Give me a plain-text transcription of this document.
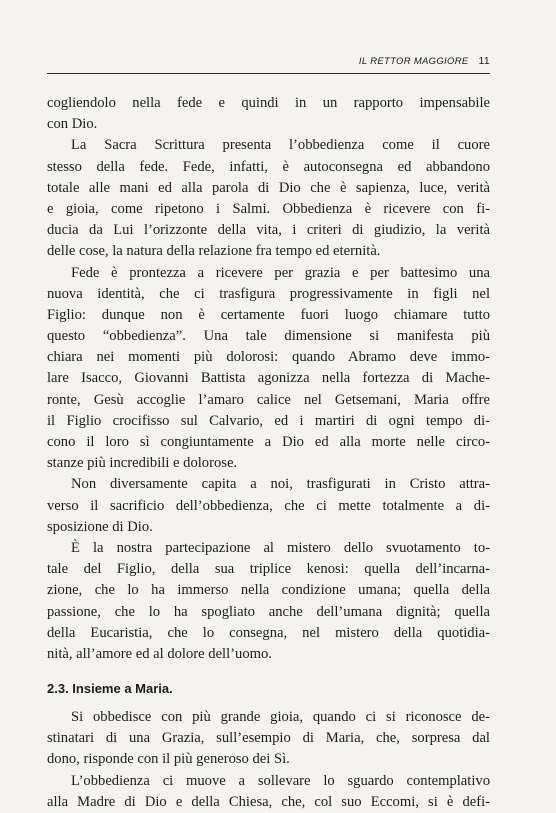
IL RETTOR MAGGIORE 11
cogliendolo nella fede e quindi in un rapporto impensabile
con Dio.
La Sacra Scrittura presenta l’obbedienza come il cuore
stesso della fede. Fede, infatti, è autoconsegna ed abbandono
totale alle mani ed alla parola di Dio che è sapienza, luce, verità
e gioia, come ripetono i Salmi. Obbedienza è ricevere con fi-
ducia da Lui l’orizzonte della vita, i criteri di giudizio, la verità
delle cose, la natura della relazione fra tempo ed eternità.
Fede è prontezza a ricevere per grazia e per battesimo una
nuova identità, che ci trasfigura progressivamente in figli nel
Figlio: dunque non è certamente fuori luogo chiamare tutto
questo “obbedienza”. Una tale dimensione si manifesta più
chiara nei momenti più dolorosi: quando Abramo deve immo-
lare Isacco, Giovanni Battista agonizza nella fortezza di Mache-
ronte, Gesù accoglie l’amaro calice nel Getsemani, Maria offre
il Figlio crocifisso sul Calvario, ed i martiri di ogni tempo di-
cono il loro sì congiuntamente a Dio ed alla morte nelle circo-
stanze più incredibili e dolorose.
Non diversamente capita a noi, trasfigurati in Cristo attra-
verso il sacrificio dell’obbedienza, che ci mette totalmente a di-
sposizione di Dio.
È la nostra partecipazione al mistero dello svuotamento to-
tale del Figlio, della sua triplice kenosi: quella dell’incarna-
zione, che lo ha immerso nella condizione umana; quella della
passione, che lo ha spogliato anche dell’umana dignità; quella
della Eucaristia, che lo consegna, nel mistero della quotidia-
nità, all’amore ed al dolore dell’uomo.
2.3. Insieme a Maria.
Si obbedisce con più grande gioia, quando ci si riconosce de-
stinatari di una Grazia, sull’esempio di Maria, che, sorpresa dal
dono, risponde con il più generoso dei Sì.
L’obbedienza ci muove a sollevare lo sguardo contemplativo
alla Madre di Dio e della Chiesa, che, col suo Eccomi, si è defi-
